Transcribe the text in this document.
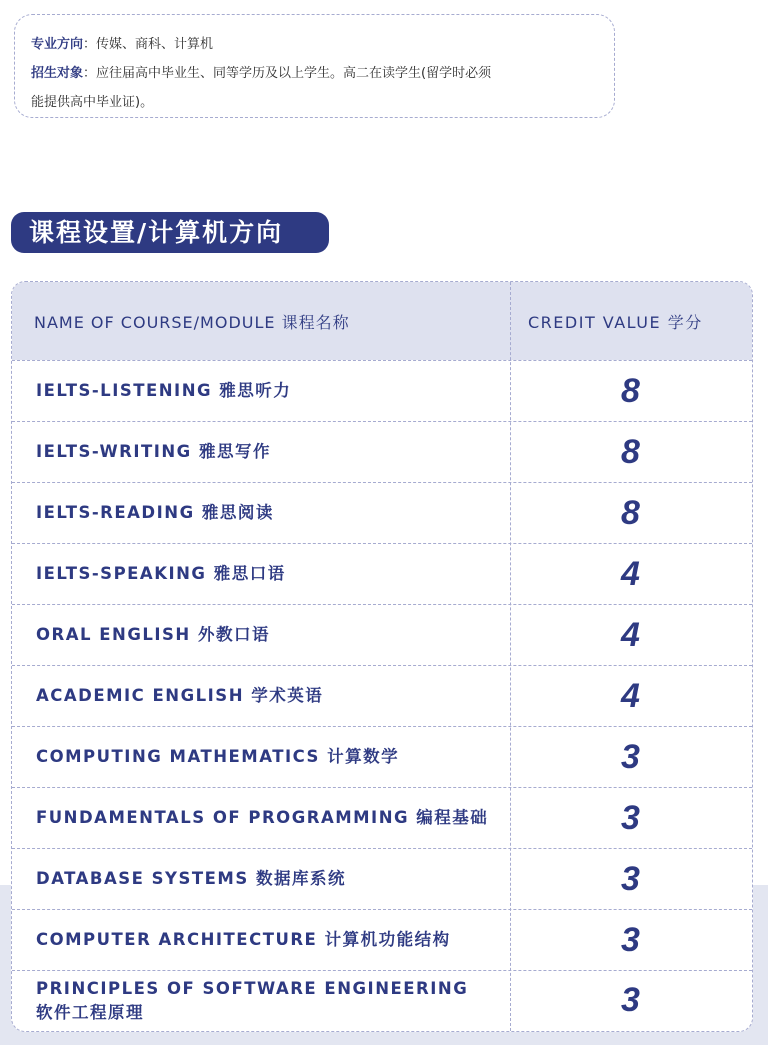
专业方向：传媒、商科、计算机
招生对象：应往届高中毕业生、同等学历及以上学生。高二在读学生(留学时必须
能提供高中毕业证)。
课程设置/计算机方向
NAME OF COURSE/MODULE 课程名称	CREDIT VALUE 学分
IELTS-LISTENING 雅思听力	8
IELTS-WRITING 雅思写作	8
IELTS-READING 雅思阅读	8
IELTS-SPEAKING 雅思口语	4
ORAL ENGLISH 外教口语	4
ACADEMIC ENGLISH 学术英语	4
COMPUTING MATHEMATICS 计算数学	3
FUNDAMENTALS OF PROGRAMMING 编程基础	3
DATABASE SYSTEMS 数据库系统	3
COMPUTER ARCHITECTURE 计算机功能结构	3
PRINCIPLES OF SOFTWARE ENGINEERING
软件工程原理	3
